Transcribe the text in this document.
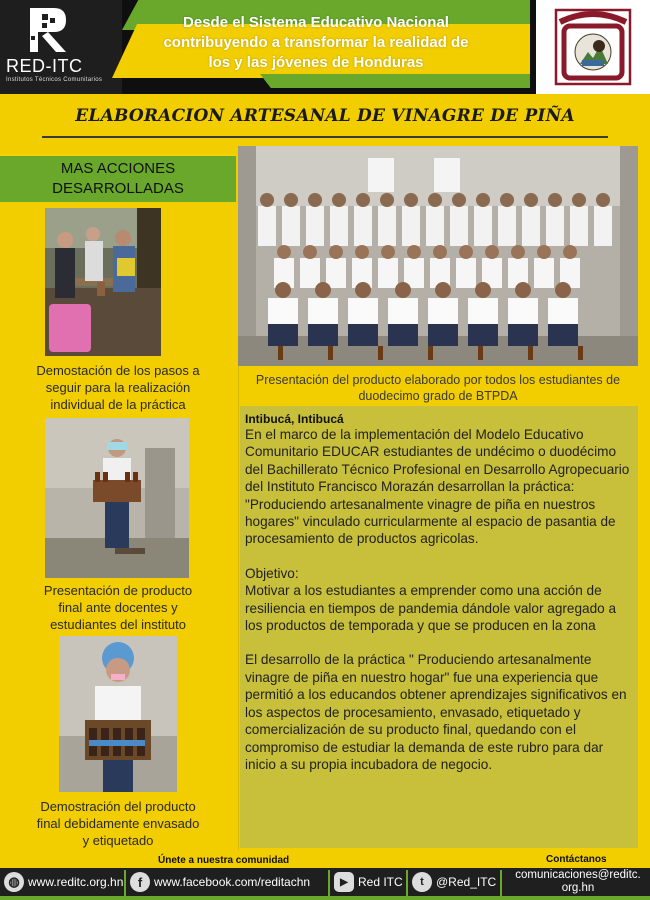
RED-ITC
Institutos Técnicos Comunitarios
Desde el Sistema Educativo Nacional
contribuyendo a transformar la realidad de
los y las jóvenes de Honduras
ELABORACION ARTESANAL DE VINAGRE DE PIÑA
MAS ACCIONES
DESARROLLADAS
Demostación de los pasos a
seguir para la realización
individual de la práctica
Presentación de producto
final ante docentes y
estudiantes del instituto
Demostración del producto
final debidamente envasado
y etiquetado
Presentación del producto elaborado por todos los estudiantes de
duodecimo grado de BTPDA
Intibucá, Intibucá

En el marco de la implementación del Modelo Educativo Comunitario EDUCAR estudiantes de undécimo o duodécimo del Bachillerato Técnico Profesional en Desarrollo Agropecuario del Instituto Francisco Morazán desarrollan la práctica: "Produciendo artesanalmente vinagre de piña en nuestros hogares" vinculado curricularmente al espacio de pasantia de procesamiento de productos agricolas.

Objetivo:

Motivar a los estudiantes a emprender como una acción de resiliencia en tiempos de pandemia dándole valor agregado a los productos de temporada y que se producen en la zona

El desarrollo de la práctica " Produciendo artesanalmente vinagre de piña en nuestro hogar" fue una experiencia que permitió a los educandos obtener aprendizajes significativos en los aspectos de procesamiento, envasado, etiquetado y comercialización de su producto final, quedando con el compromiso de estudiar la demanda de este rubro para dar inicio a su propia incubadora de negocio.

Únete a nuestra comunidad	Contáctanos
◍ www.reditc.org.hn	f www.facebook.com/reditachn	▶ Red ITC	t	@Red_ITC comunicaciones@reditc.
org.hn
